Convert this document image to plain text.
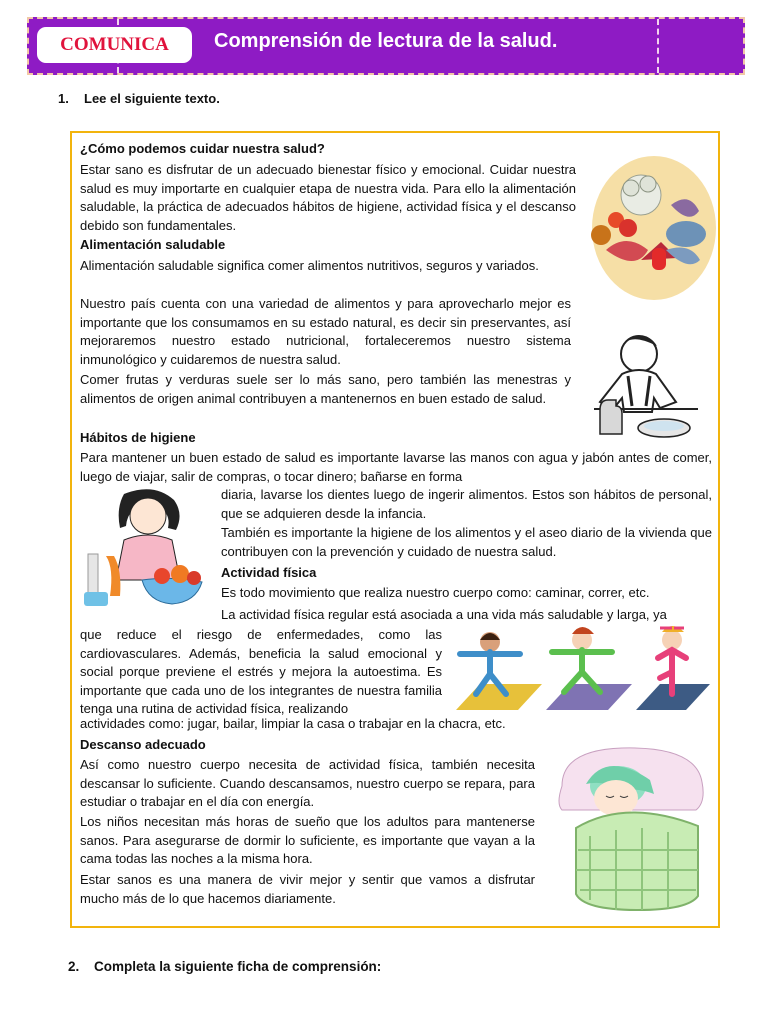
COMUNICA	Comprensión de lectura de la salud.
1. Lee el siguiente texto.

¿Cómo podemos cuidar nuestra salud?

Estar sano es disfrutar de un adecuado bienestar físico y emocional. Cuidar nuestra salud es muy importarte en cualquier etapa de nuestra vida. Para ello la alimentación saludable, la práctica de adecuados hábitos de higiene, actividad física y el descanso debido son fundamentales.

Alimentación saludable

Alimentación saludable significa comer alimentos nutritivos, seguros y variados.

Nuestro país cuenta con una variedad de alimentos y para aprovecharlo mejor es importante que los consumamos en su estado natural, es decir sin preservantes, así mejoraremos nuestro estado nutricional, fortaleceremos nuestro sistema inmunológico y cuidaremos de nuestra salud.

Comer frutas y verduras suele ser lo más sano, pero también las menestras y alimentos de origen animal contribuyen a mantenernos en buen estado de salud.

Hábitos de higiene

Para mantener un buen estado de salud es importante lavarse las manos con agua y jabón antes de comer, luego de viajar, salir de compras, o tocar dinero; bañarse en forma

diaria, lavarse los dientes luego de ingerir alimentos. Estos son hábitos de personal, que se adquieren desde la infancia.

También es importante la higiene de los alimentos y el aseo diario de la vivienda que contribuyen con la prevención y cuidado de nuestra salud.

Actividad física

Es todo movimiento que realiza nuestro cuerpo como: caminar, correr, etc.

La actividad física regular está asociada a una vida más saludable y larga, ya

que reduce el riesgo de enfermedades, como las cardiovasculares. Además, beneficia la salud emocional y social porque previene el estrés y mejora la autoestima. Es importante que cada uno de los integrantes de nuestra familia tenga una rutina de actividad física, realizando

actividades como: jugar, bailar, limpiar la casa o trabajar en la chacra, etc.

Descanso adecuado

Así como nuestro cuerpo necesita de actividad física, también necesita descansar lo suficiente. Cuando descansamos, nuestro cuerpo se repara, para estudiar o trabajar en el día con energía.

Los niños necesitan más horas de sueño que los adultos para mantenerse sanos. Para asegurarse de dormir lo suficiente, es importante que vayan a la cama todas las noches a la misma hora.

Estar sanos es una manera de vivir mejor y sentir que vamos a disfrutar mucho más de lo que hacemos diariamente.

2. Completa la siguiente ficha de comprensión:
